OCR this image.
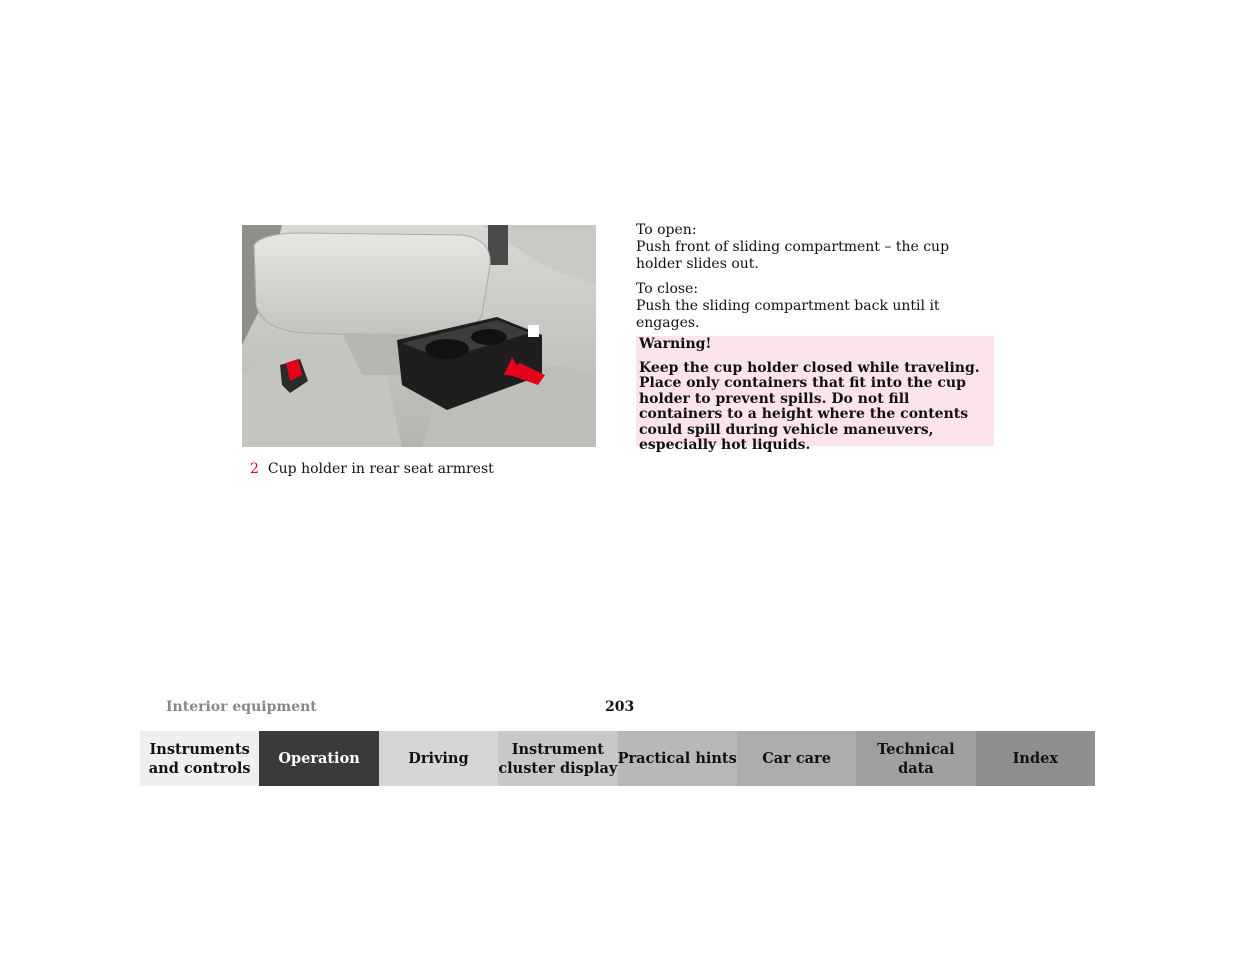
2 Cup holder in rear seat armrest

To open:
Push front of sliding compartment – the cup holder slides out.

To close:
Push the sliding compartment back until it engages.

Warning!

Keep the cup holder closed while traveling. Place only containers that fit into the cup holder to prevent spills. Do not fill containers to a height where the contents could spill during vehicle maneuvers, especially hot liquids.

Interior equipment	203
Instruments
and controls
Operation	Driving
Instrument
cluster display
Practical hints Car care
Technical
data
Index
